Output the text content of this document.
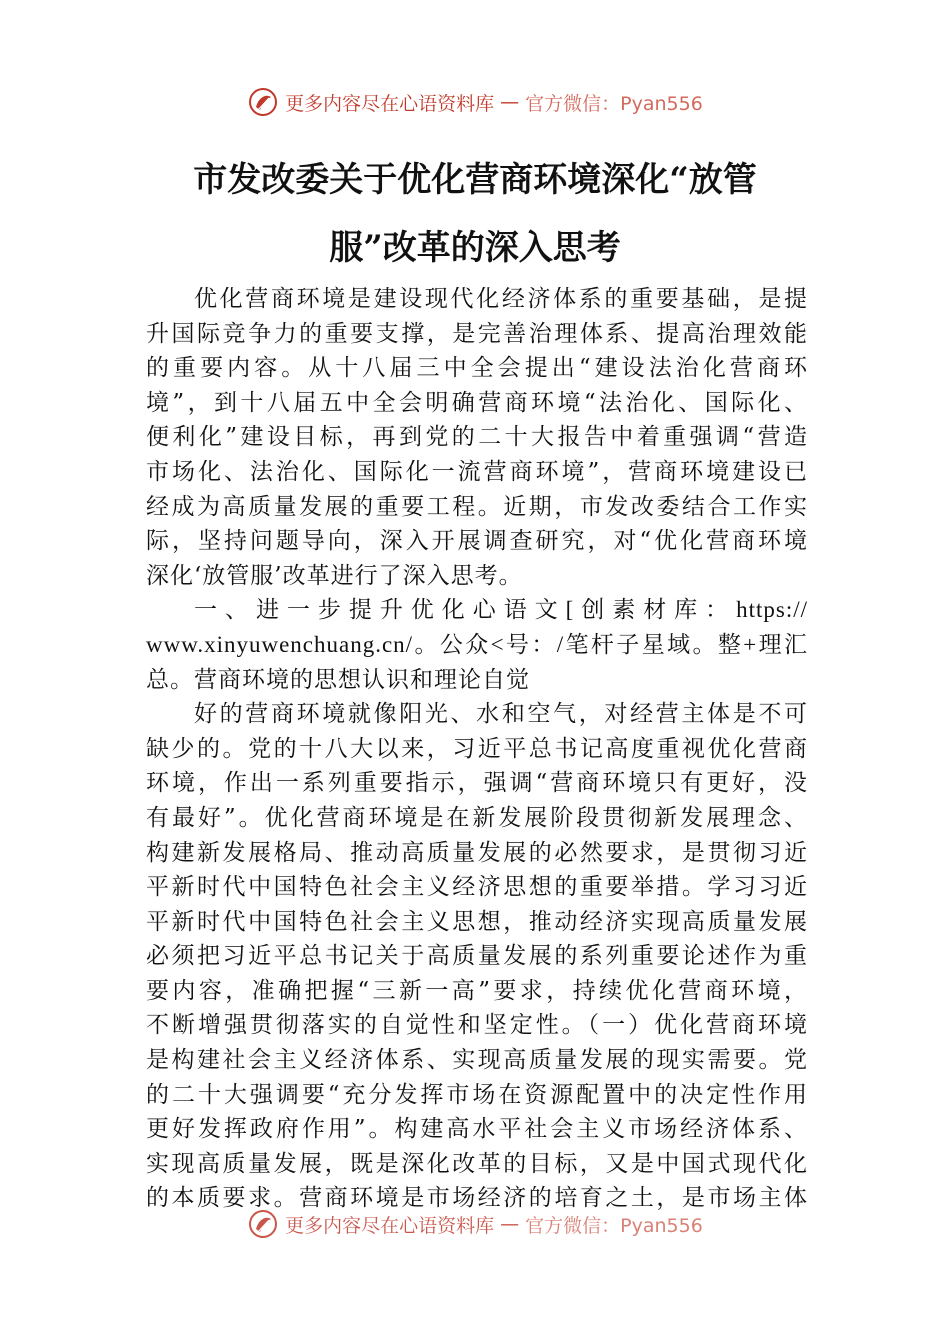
更多内容尽在心语资料库 — 官方微信：Pyan556
市发改委关于优化营商环境深化“放管
服”改革的深入思考
优化营商环境是建设现代化经济体系的重要基础，是提
升国际竞争力的重要支撑，是完善治理体系、提高治理效能
的重要内容。从十八届三中全会提出“建设法治化营商环
境”，到十八届五中全会明确营商环境“法治化、国际化、
便利化”建设目标，再到党的二十大报告中着重强调“营造
市场化、法治化、国际化一流营商环境”，营商环境建设已
经成为高质量发展的重要工程。近期，市发改委结合工作实
际，坚持问题导向，深入开展调查研究，对“优化营商环境
深化‘放管服’改革进行了深入思考。
一、进一步提升优化心语文[创素材库：https://
www.xinyuwenchuang.cn/。公众<号：/笔杆子星域。整+理汇
总。营商环境的思想认识和理论自觉
好的营商环境就像阳光、水和空气，对经营主体是不可
缺少的。党的十八大以来，习近平总书记高度重视优化营商
环境，作出一系列重要指示，强调“营商环境只有更好，没
有最好”。优化营商环境是在新发展阶段贯彻新发展理念、
构建新发展格局、推动高质量发展的必然要求，是贯彻习近
平新时代中国特色社会主义经济思想的重要举措。学习习近
平新时代中国特色社会主义思想，推动经济实现高质量发展
必须把习近平总书记关于高质量发展的系列重要论述作为重
要内容，准确把握“三新一高”要求，持续优化营商环境，
不断增强贯彻落实的自觉性和坚定性。（一）优化营商环境
是构建社会主义经济体系、实现高质量发展的现实需要。党
的二十大强调要“充分发挥市场在资源配置中的决定性作用
更好发挥政府作用”。构建高水平社会主义市场经济体系、
实现高质量发展，既是深化改革的目标，又是中国式现代化
的本质要求。营商环境是市场经济的培育之土，是市场主体
更多内容尽在心语资料库 — 官方微信：Pyan556
